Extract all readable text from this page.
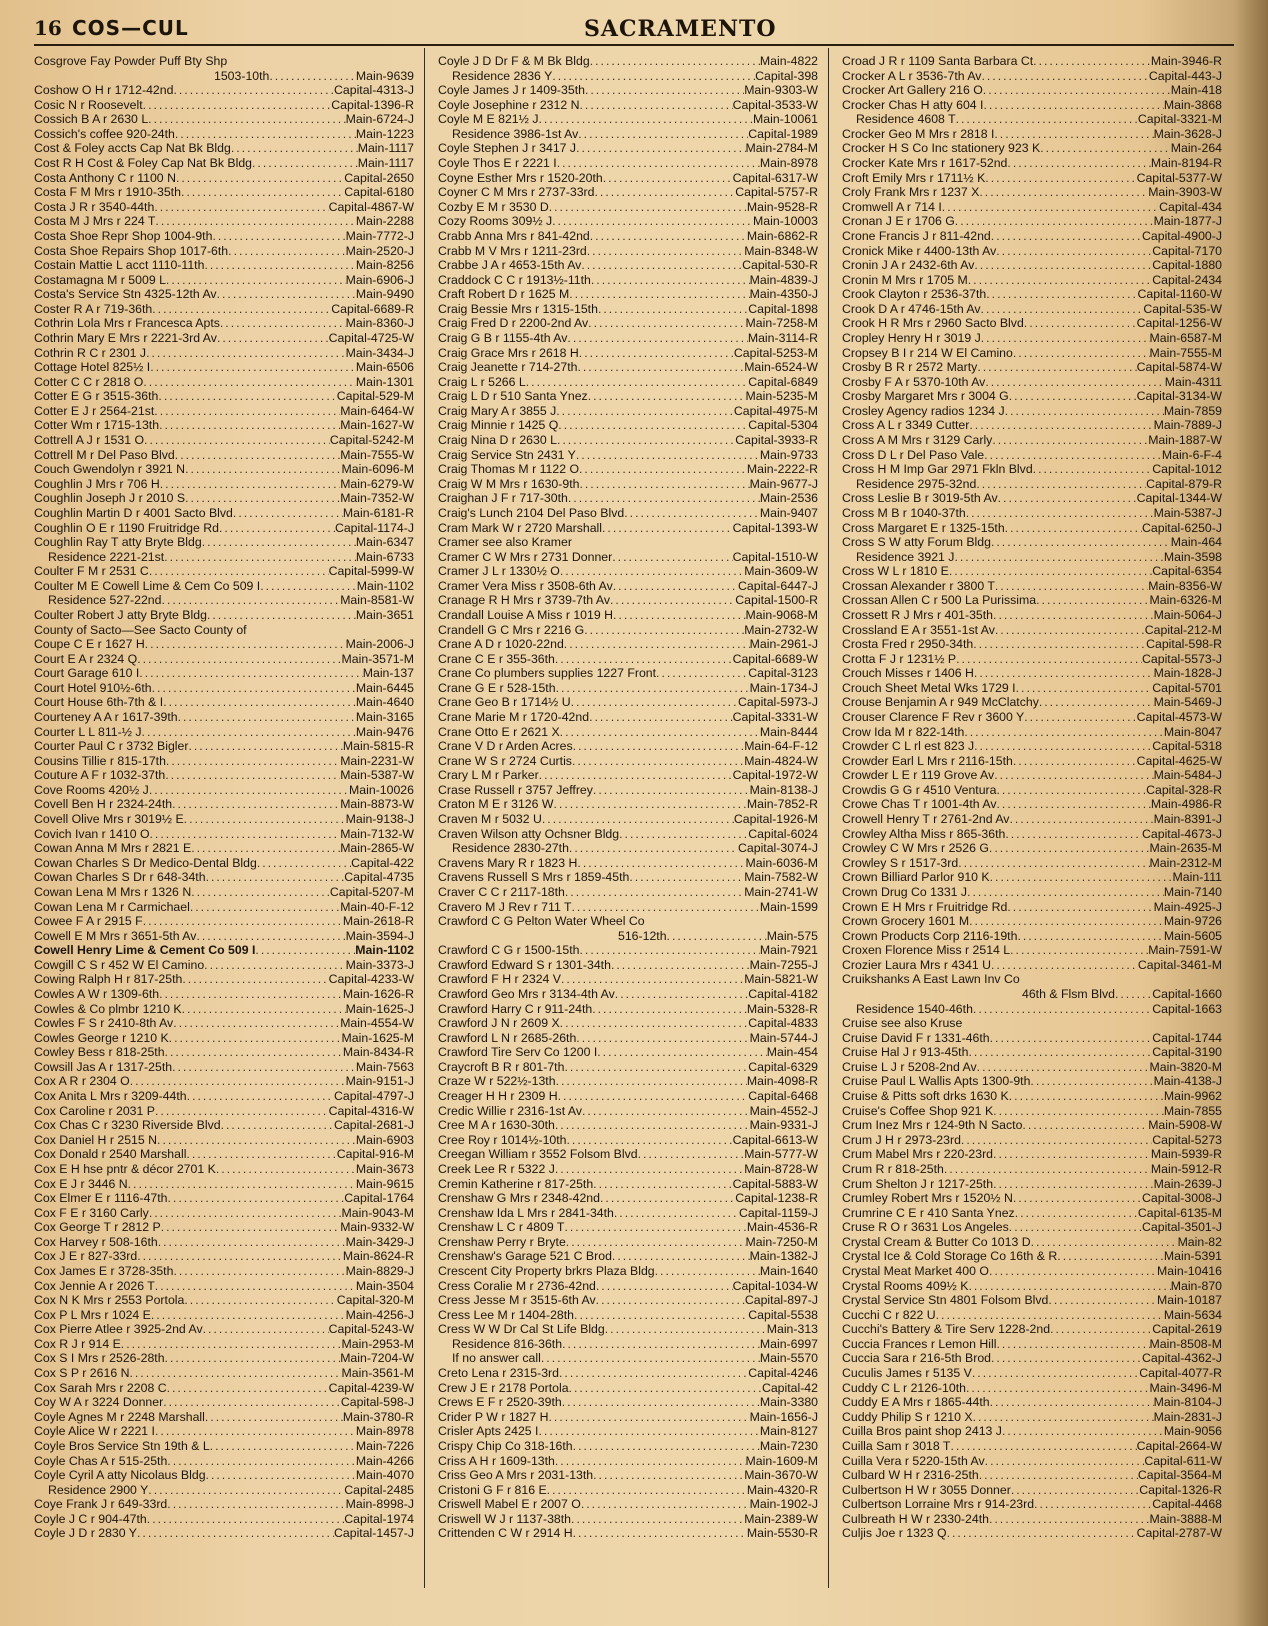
16 COS—CUL	SACRAMENTO
Cosgrove Fay Powder Puff Bty Shp
1503-10th .....	Main-9639
Coshow O H r 1712-42nd .....	Capital-4313-J
Cosic N r Roosevelt .....	Capital-1396-R
Cossich B A r 2630 L .....	Main-6724-J
Cossich's coffee 920-24th .....	Main-1223
Cost & Foley accts Cap Nat Bk Bldg .....	Main-1117
Cost R H Cost & Foley Cap Nat Bk Bldg .....	Main-1117
Costa Anthony C r 1100 N .....	Capital-2650
Costa F M Mrs r 1910-35th .....	Capital-6180
Costa J R r 3540-44th .....	Capital-4867-W
Costa M J Mrs r 224 T .....	Main-2288
Costa Shoe Repr Shop 1004-9th .....	Main-7772-J
Costa Shoe Repairs Shop 1017-6th .....	Main-2520-J
Costain Mattie L acct 1110-11th .....	Main-8256
Costamagna M r 5009 L .....	Main-6906-J
Costa's Service Stn 4325-12th Av .....	Main-9490
Coster R A r 719-36th .....	Capital-6689-R
Cothrin Lola Mrs r Francesca Apts .....	Main-8360-J
Cothrin Mary E Mrs r 2221-3rd Av .....	Capital-4725-W
Cothrin R C r 2301 J .....	Main-3434-J
Cottage Hotel 825½ I .....	Main-6506
Cotter C C r 2818 O .....	Main-1301
Cotter E G r 3515-36th .....	Capital-529-M
Cotter E J r 2564-21st .....	Main-6464-W
Cotter Wm r 1715-13th .....	Main-1627-W
Cottrell A J r 1531 O .....	Capital-5242-M
Cottrell M r Del Paso Blvd .....	Main-7555-W
Couch Gwendolyn r 3921 N .....	Main-6096-M
Coughlin J Mrs r 706 H .....	Main-6279-W
Coughlin Joseph J r 2010 S .....	Main-7352-W
Coughlin Martin D r 4001 Sacto Blvd .....	Main-6181-R
Coughlin O E r 1190 Fruitridge Rd .....	Capital-1174-J
Coughlin Ray T atty Bryte Bldg .....	Main-6347
Residence 2221-21st .....	Main-6733
Coulter F M r 2531 C .....	Capital-5999-W
Coulter M E Cowell Lime & Cem Co 509 I .....	Main-1102
Residence 527-22nd .....	Main-8581-W
Coulter Robert J atty Bryte Bldg .....	Main-3651
County of Sacto—See Sacto County of
Coupe C E r 1627 H .....	Main-2006-J
Court E A r 2324 Q .....	Main-3571-M
Court Garage 610 I .....	Main-137
Court Hotel 910½-6th .....	Main-6445
Court House 6th-7th & I .....	Main-4640
Courteney A A r 1617-39th .....	Main-3165
Courter L L 811-½ J .....	Main-9476
Courter Paul C r 3732 Bigler .....	Main-5815-R
Cousins Tillie r 815-17th .....	Main-2231-W
Couture A F r 1032-37th .....	Main-5387-W
Cove Rooms 420½ J .....	Main-10026
Covell Ben H r 2324-24th .....	Main-8873-W
Covell Olive Mrs r 3019½ E .....	Main-9138-J
Covich Ivan r 1410 O .....	Main-7132-W
Cowan Anna M Mrs r 2821 E .....	Main-2865-W
Cowan Charles S Dr Medico-Dental Bldg .....	Capital-422
Cowan Charles S Dr r 648-34th .....	Capital-4735
Cowan Lena M Mrs r 1326 N .....	Capital-5207-M
Cowan Lena M r Carmichael .....	Main-40-F-12
Cowee F A r 2915 F .....	Main-2618-R
Cowell E M Mrs r 3651-5th Av .....	Main-3594-J
Cowell Henry Lime & Cement Co 509 I .....	Main-1102
Cowgill C S r 452 W El Camino .....	Main-3373-J
Cowing Ralph H r 817-25th .....	Capital-4233-W
Cowles A W r 1309-6th .....	Main-1626-R
Cowles & Co plmbr 1210 K .....	Main-1625-J
Cowles F S r 2410-8th Av .....	Main-4554-W
Cowles George r 1210 K .....	Main-1625-M
Cowley Bess r 818-25th .....	Main-8434-R
Cowsill Jas A r 1317-25th .....	Main-7563
Cox A R r 2304 O .....	Main-9151-J
Cox Anita L Mrs r 3209-44th .....	Capital-4797-J
Cox Caroline r 2031 P .....	Capital-4316-W
Cox Chas C r 3230 Riverside Blvd .....	Capital-2681-J
Cox Daniel H r 2515 N .....	Main-6903
Cox Donald r 2540 Marshall .....	Capital-916-M
Cox E H hse pntr & décor 2701 K .....	Main-3673
Cox E J r 3446 N .....	Main-9615
Cox Elmer E r 1116-47th .....	Capital-1764
Cox F E r 3160 Carly .....	Main-9043-M
Cox George T r 2812 P .....	Main-9332-W
Cox Harvey r 508-16th .....	Main-3429-J
Cox J E r 827-33rd .....	Main-8624-R
Cox James E r 3728-35th .....	Main-8829-J
Cox Jennie A r 2026 T .....	Main-3504
Cox N K Mrs r 2553 Portola .....	Capital-320-M
Cox P L Mrs r 1024 E .....	Main-4256-J
Cox Pierre Atlee r 3925-2nd Av .....	Capital-5243-W
Cox R J r 914 E .....	Main-2953-M
Cox S I Mrs r 2526-28th .....	Main-7204-W
Cox S P r 2616 N .....	Main-3561-M
Cox Sarah Mrs r 2208 C .....	Capital-4239-W
Coy W A r 3224 Donner .....	Capital-598-J
Coyle Agnes M r 2248 Marshall .....	Main-3780-R
Coyle Alice W r 2221 I .....	Main-8978
Coyle Bros Service Stn 19th & L .....	Main-7226
Coyle Chas A r 515-25th .....	Main-4266
Coyle Cyril A atty Nicolaus Bldg .....	Main-4070
Residence 2900 Y .....	Capital-2485
Coye Frank J r 649-33rd .....	Main-8998-J
Coyle J C r 904-47th .....	Capital-1974
Coyle J D r 2830 Y .....	Capital-1457-J
Coyle J D Dr F & M Bk Bldg .....	Main-4822
Residence 2836 Y .....	Capital-398
Coyle James J r 1409-35th .....	Main-9303-W
Coyle Josephine r 2312 N .....	Capital-3533-W
Coyle M E 821½ J .....	Main-10061
Residence 3986-1st Av .....	Capital-1989
Coyle Stephen J r 3417 J .....	Main-2784-M
Coyle Thos E r 2221 I .....	Main-8978
Coyne Esther Mrs r 1520-20th .....	Capital-6317-W
Coyner C M Mrs r 2737-33rd .....	Capital-5757-R
Cozby E M r 3530 D .....	Main-9528-R
Cozy Rooms 309½ J .....	Main-10003
Crabb Anna Mrs r 841-42nd .....	Main-6862-R
Crabb M V Mrs r 1211-23rd .....	Main-8348-W
Crabbe J A r 4653-15th Av .....	Capital-530-R
Craddock C C r 1913½-11th .....	Main-4839-J
Craft Robert D r 1625 M .....	Main-4350-J
Craig Bessie Mrs r 1315-15th .....	Capital-1898
Craig Fred D r 2200-2nd Av .....	Main-7258-M
Craig G B r 1155-4th Av .....	Main-3114-R
Craig Grace Mrs r 2618 H .....	Capital-5253-M
Craig Jeanette r 714-27th .....	Main-6524-W
Craig L r 5266 L .....	Capital-6849
Craig L D r 510 Santa Ynez .....	Main-5235-M
Craig Mary A r 3855 J .....	Capital-4975-M
Craig Minnie r 1425 Q .....	Capital-5304
Craig Nina D r 2630 L .....	Capital-3933-R
Craig Service Stn 2431 Y .....	Main-9733
Craig Thomas M r 1122 O .....	Main-2222-R
Craig W M Mrs r 1630-9th .....	Main-9677-J
Craighan J F r 717-30th .....	Main-2536
Craig's Lunch 2104 Del Paso Blvd .....	Main-9407
Cram Mark W r 2720 Marshall .....	Capital-1393-W
Cramer see also Kramer
Cramer C W Mrs r 2731 Donner .....	Capital-1510-W
Cramer J L r 1330½ O .....	Main-3609-W
Cramer Vera Miss r 3508-6th Av .....	Capital-6447-J
Cranage R H Mrs r 3739-7th Av .....	Capital-1500-R
Crandall Louise A Miss r 1019 H .....	Main-9068-M
Crandell G C Mrs r 2216 G .....	Main-2732-W
Crane A D r 1020-22nd .....	Main-2961-J
Crane C E r 355-36th .....	Capital-6689-W
Crane Co plumbers supplies 1227 Front .....	Capital-3123
Crane G E r 528-15th .....	Main-1734-J
Crane Geo B r 1714½ U .....	Capital-5973-J
Crane Marie M r 1720-42nd .....	Capital-3331-W
Crane Otto E r 2621 X .....	Main-8444
Crane V D r Arden Acres .....	Main-64-F-12
Crane W S r 2724 Curtis .....	Main-4824-W
Crary L M r Parker .....	Capital-1972-W
Crase Russell r 3757 Jeffrey .....	Main-8138-J
Craton M E r 3126 W .....	Main-7852-R
Craven M r 5032 U .....	Capital-1926-M
Craven Wilson atty Ochsner Bldg .....	Capital-6024
Residence 2830-27th .....	Capital-3074-J
Cravens Mary R r 1823 H .....	Main-6036-M
Cravens Russell S Mrs r 1859-45th .....	Main-7582-W
Craver C C r 2117-18th .....	Main-2741-W
Cravero M J Rev r 711 T .....	Main-1599
Crawford C G Pelton Water Wheel Co
516-12th .....	Main-575
Crawford C G r 1500-15th .....	Main-7921
Crawford Edward S r 1301-34th .....	Main-7255-J
Crawford F H r 2324 V .....	Main-5821-W
Crawford Geo Mrs r 3134-4th Av .....	Capital-4182
Crawford Harry C r 911-24th .....	Main-5328-R
Crawford J N r 2609 X .....	Capital-4833
Crawford L N r 2685-26th .....	Main-5744-J
Crawford Tire Serv Co 1200 I .....	Main-454
Craycroft B R r 801-7th .....	Capital-6329
Craze W r 522½-13th .....	Main-4098-R
Creager H H r 2309 H .....	Capital-6468
Credic Willie r 2316-1st Av .....	Main-4552-J
Cree M A r 1630-30th .....	Main-9331-J
Cree Roy r 1014½-10th .....	Capital-6613-W
Creegan William r 3552 Folsom Blvd .....	Main-5777-W
Creek Lee R r 5322 J .....	Main-8728-W
Cremin Katherine r 817-25th .....	Capital-5883-W
Crenshaw G Mrs r 2348-42nd .....	Capital-1238-R
Crenshaw Ida L Mrs r 2841-34th .....	Capital-1159-J
Crenshaw L C r 4809 T .....	Main-4536-R
Crenshaw Perry r Bryte .....	Main-7250-M
Crenshaw's Garage 521 C Brod .....	Main-1382-J
Crescent City Property brkrs Plaza Bldg .....	Main-1640
Cress Coralie M r 2736-42nd .....	Capital-1034-W
Cress Jesse M r 3515-6th Av .....	Capital-897-J
Cress Lee M r 1404-28th .....	Capital-5538
Cress W W Dr Cal St Life Bldg .....	Main-313
Residence 816-36th .....	Main-6997
If no answer call .....	Main-5570
Creto Lena r 2315-3rd .....	Capital-4246
Crew J E r 2178 Portola .....	Capital-42
Crews E F r 2520-39th .....	Main-3380
Crider P W r 1827 H .....	Main-1656-J
Crisler Apts 2425 I .....	Main-8127
Crispy Chip Co 318-16th .....	Main-7230
Criss A H r 1609-13th .....	Main-1609-M
Criss Geo A Mrs r 2031-13th .....	Main-3670-W
Cristoni G F r 816 E .....	Main-4320-R
Criswell Mabel E r 2007 O .....	Main-1902-J
Criswell W J r 1137-38th .....	Main-2389-W
Crittenden C W r 2914 H .....	Main-5530-R
Croad J R r 1109 Santa Barbara Ct .....	Main-3946-R
Crocker A L r 3536-7th Av .....	Capital-443-J
Crocker Art Gallery 216 O .....	Main-418
Crocker Chas H atty 604 I .....	Main-3868
Residence 4608 T .....	Capital-3321-M
Crocker Geo M Mrs r 2818 I .....	Main-3628-J
Crocker H S Co Inc stationery 923 K .....	Main-264
Crocker Kate Mrs r 1617-52nd .....	Main-8194-R
Croft Emily Mrs r 1711½ K .....	Capital-5377-W
Croly Frank Mrs r 1237 X .....	Main-3903-W
Cromwell A r 714 I .....	Capital-434
Cronan J E r 1706 G .....	Main-1877-J
Crone Francis J r 811-42nd .....	Capital-4900-J
Cronick Mike r 4400-13th Av .....	Capital-7170
Cronin J A r 2432-6th Av .....	Capital-1880
Cronin M Mrs r 1705 M .....	Capital-2434
Crook Clayton r 2536-37th .....	Capital-1160-W
Crook D A r 4746-15th Av .....	Capital-535-W
Crook H R Mrs r 2960 Sacto Blvd .....	Capital-1256-W
Cropley Henry H r 3019 J .....	Main-6587-M
Cropsey B I r 214 W El Camino .....	Main-7555-M
Crosby B R r 2572 Marty .....	Capital-5874-W
Crosby F A r 5370-10th Av .....	Main-4311
Crosby Margaret Mrs r 3004 G .....	Capital-3134-W
Crosley Agency radios 1234 J .....	Main-7859
Cross A L r 3349 Cutter .....	Main-7889-J
Cross A M Mrs r 3129 Carly .....	Main-1887-W
Cross D L r Del Paso Vale .....	Main-6-F-4
Cross H M Imp Gar 2971 Fkln Blvd .....	Capital-1012
Residence 2975-32nd .....	Capital-879-R
Cross Leslie B r 3019-5th Av .....	Capital-1344-W
Cross M B r 1040-37th .....	Main-5387-J
Cross Margaret E r 1325-15th .....	Capital-6250-J
Cross S W atty Forum Bldg .....	Main-464
Residence 3921 J .....	Main-3598
Cross W L r 1810 E .....	Capital-6354
Crossan Alexander r 3800 T .....	Main-8356-W
Crossan Allen C r 500 La Purissima .....	Main-6326-M
Crossett R J Mrs r 401-35th .....	Main-5064-J
Crossland E A r 3551-1st Av .....	Capital-212-M
Crosta Fred r 2950-34th .....	Capital-598-R
Crotta F J r 1231½ P .....	Capital-5573-J
Crouch Misses r 1406 H .....	Main-1828-J
Crouch Sheet Metal Wks 1729 I .....	Capital-5701
Crouse Benjamin A r 949 McClatchy .....	Main-5469-J
Crouser Clarence F Rev r 3600 Y .....	Capital-4573-W
Crow Ida M r 822-14th .....	Main-8047
Crowder C L rl est 823 J .....	Capital-5318
Crowder Earl L Mrs r 2116-15th .....	Capital-4625-W
Crowder L E r 119 Grove Av .....	Main-5484-J
Crowdis G G r 4510 Ventura .....	Capital-328-R
Crowe Chas T r 1001-4th Av .....	Main-4986-R
Crowell Henry T r 2761-2nd Av .....	Main-8391-J
Crowley Altha Miss r 865-36th .....	Capital-4673-J
Crowley C W Mrs r 2526 G .....	Main-2635-M
Crowley S r 1517-3rd .....	Main-2312-M
Crown Billiard Parlor 910 K .....	Main-111
Crown Drug Co 1331 J .....	Main-7140
Crown E H Mrs r Fruitridge Rd .....	Main-4925-J
Crown Grocery 1601 M .....	Main-9726
Crown Products Corp 2116-19th .....	Main-5605
Croxen Florence Miss r 2514 L .....	Main-7591-W
Crozier Laura Mrs r 4341 U .....	Capital-3461-M
Cruikshanks A East Lawn Inv Co
46th & Flsm Blvd .....	Capital-1660
Residence 1540-46th .....	Capital-1663
Cruise see also Kruse
Cruise David F r 1331-46th .....	Capital-1744
Cruise Hal J r 913-45th .....	Capital-3190
Cruise L J r 5208-2nd Av .....	Main-3820-M
Cruise Paul L Wallis Apts 1300-9th .....	Main-4138-J
Cruise & Pitts soft drks 1630 K .....	Main-9962
Cruise's Coffee Shop 921 K .....	Main-7855
Crum Inez Mrs r 124-9th N Sacto .....	Main-5908-W
Crum J H r 2973-23rd .....	Capital-5273
Crum Mabel Mrs r 220-23rd .....	Main-5939-R
Crum R r 818-25th .....	Main-5912-R
Crum Shelton J r 1217-25th .....	Main-2639-J
Crumley Robert Mrs r 1520½ N .....	Capital-3008-J
Crumrine C E r 410 Santa Ynez .....	Capital-6135-M
Cruse R O r 3631 Los Angeles .....	Capital-3501-J
Crystal Cream & Butter Co 1013 D .....	Main-82
Crystal Ice & Cold Storage Co 16th & R .....	Main-5391
Crystal Meat Market 400 O .....	Main-10416
Crystal Rooms 409½ K .....	Main-870
Crystal Service Stn 4801 Folsom Blvd .....	Main-10187
Cucchi C r 822 U .....	Main-5634
Cucchi's Battery & Tire Serv 1228-2nd .....	Capital-2619
Cuccia Frances r Lemon Hill .....	Main-8508-M
Cuccia Sara r 216-5th Brod .....	Capital-4362-J
Cuculis James r 5135 V .....	Capital-4077-R
Cuddy C L r 2126-10th .....	Main-3496-M
Cuddy E A Mrs r 1865-44th .....	Main-8104-J
Cuddy Philip S r 1210 X .....	Main-2831-J
Cuilla Bros paint shop 2413 J .....	Main-9056
Cuilla Sam r 3018 T .....	Capital-2664-W
Cuilla Vera r 5220-15th Av .....	Capital-611-W
Culbard W H r 2316-25th .....	Capital-3564-M
Culbertson H W r 3055 Donner .....	Capital-1326-R
Culbertson Lorraine Mrs r 914-23rd .....	Capital-4468
Culbreath H W r 2330-24th .....	Main-3888-M
Culjis Joe r 1323 Q .....	Capital-2787-W
